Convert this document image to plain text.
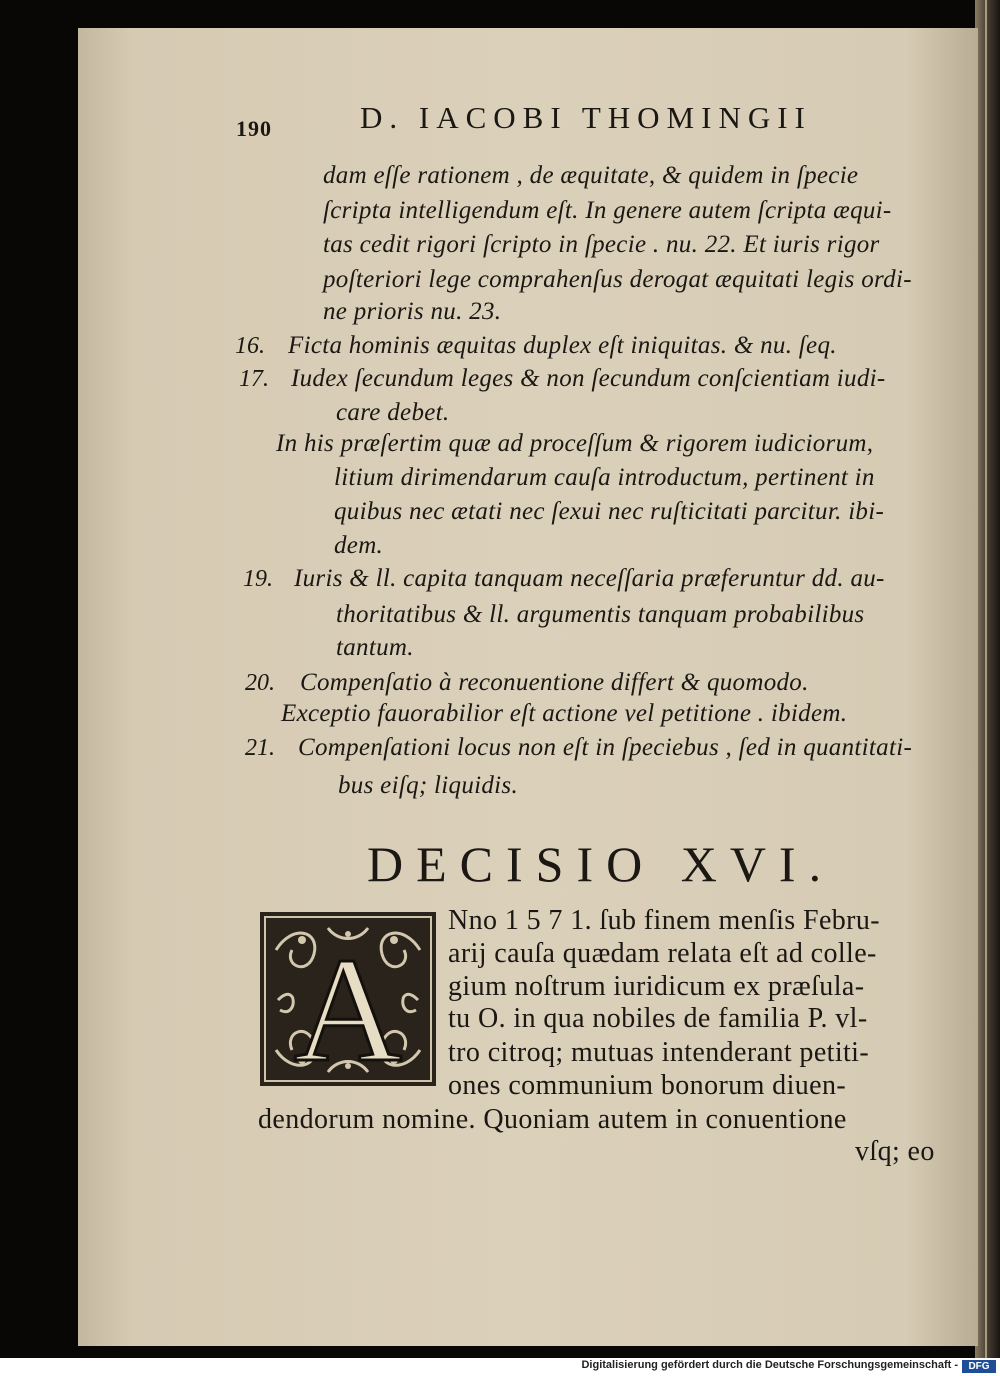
190	D. IACOBI THOMINGII
dam eſſe rationem , de æquitate, & quidem in ſpecie
ſcripta intelligendum eſt. In genere autem ſcripta æqui-
tas cedit rigori ſcripto in ſpecie . nu. 22. Et iuris rigor
poſteriori lege comprahenſus derogat æquitati legis ordi-
ne prioris nu. 23.
16. Ficta hominis æquitas duplex eſt iniquitas. & nu. ſeq.
17. Iudex ſecundum leges & non ſecundum conſcientiam iudi-
care debet.
In his præſertim quæ ad proceſſum & rigorem iudiciorum,
litium dirimendarum cauſa introductum, pertinent in
quibus nec ætati nec ſexui nec ruſticitati parcitur. ibi-
dem.
19. Iuris & ll. capita tanquam neceſſaria præferuntur dd. au-
thoritatibus & ll. argumentis tanquam probabilibus
tantum.
20. Compenſatio à reconuentione differt & quomodo.
Exceptio fauorabilior eſt actione vel petitione . ibidem.
21. Compenſationi locus non eſt in ſpeciebus , ſed in quantitati-
bus eiſq; liquidis.
DECISIO XVI.
A
Nno 1 5 7 1. ſub finem menſis Febru-
arij cauſa quædam relata eſt ad colle-
gium noſtrum iuridicum ex præſula-
tu O. in qua nobiles de familia P. vl-
tro citroq; mutuas intenderant petiti-
ones communium bonorum diuen-
dendorum nomine. Quoniam autem in conuentione
vſq; eo
Digitalisierung gefördert durch die Deutsche Forschungsgemeinschaft -	DFG
